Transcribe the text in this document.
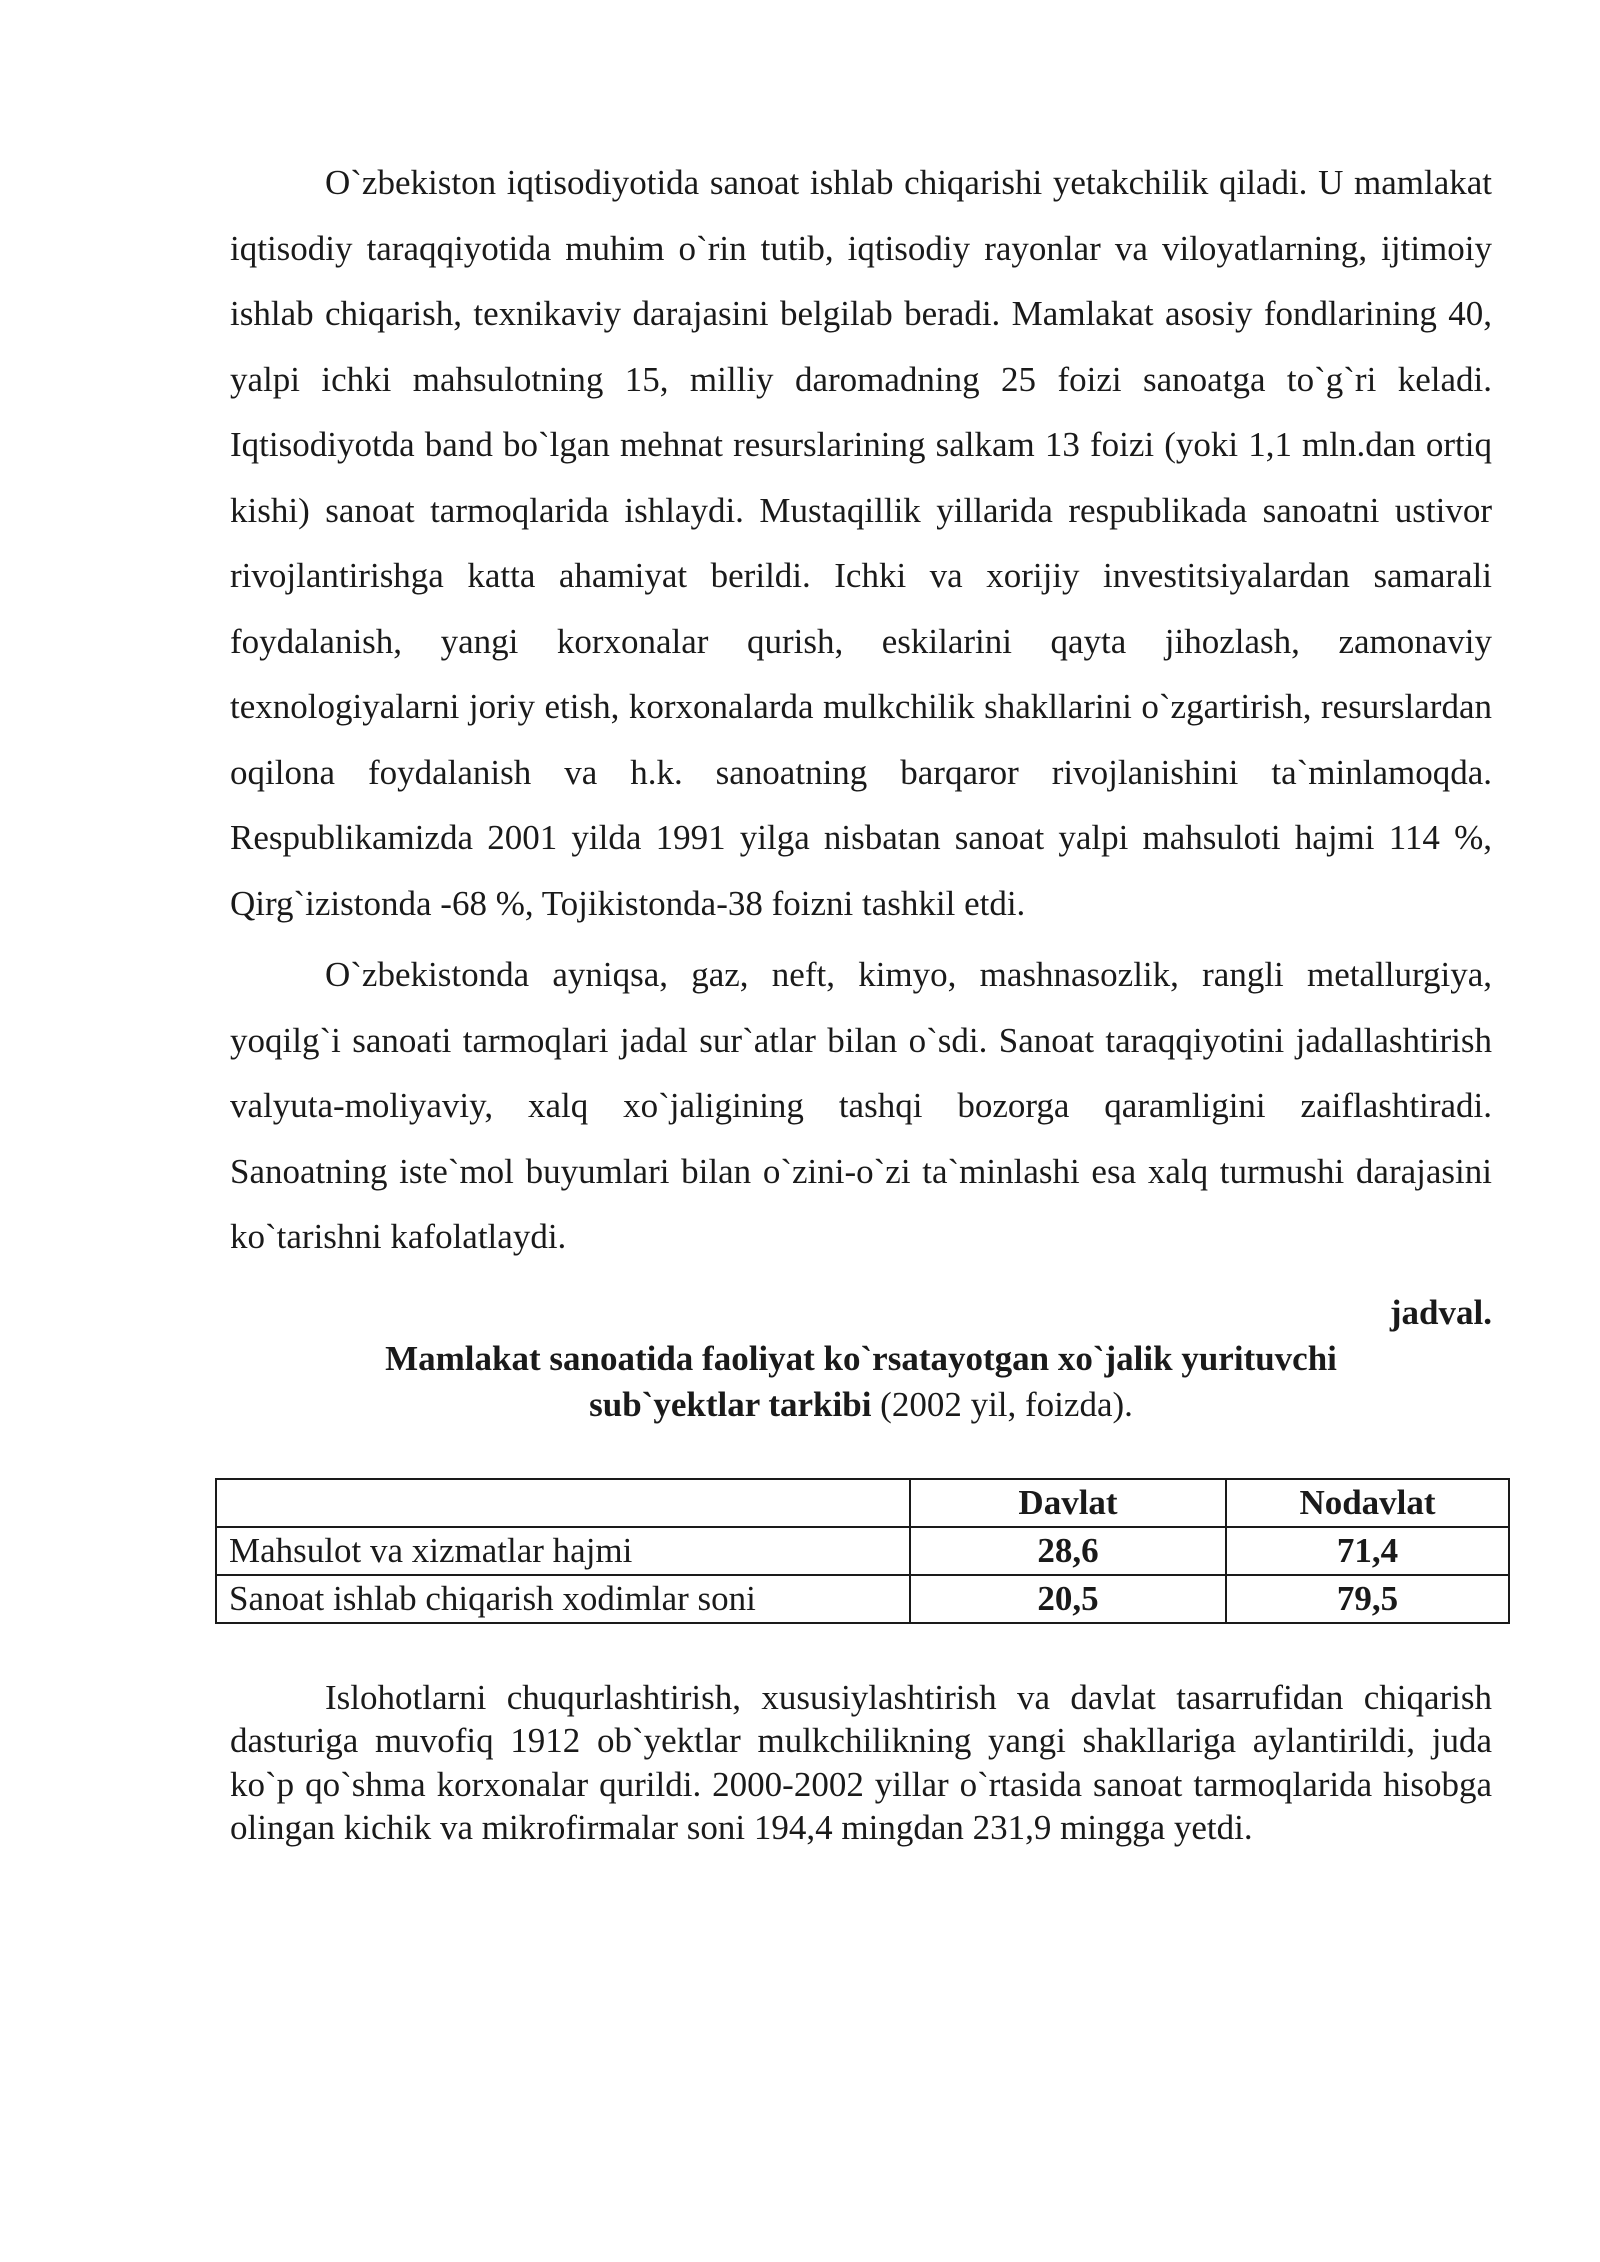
O`zbekiston iqtisodiyotida sanoat ishlab chiqarishi yetakchilik qiladi. U mamlakat iqtisodiy taraqqiyotida muhim o`rin tutib, iqtisodiy rayonlar va viloyatlarning, ijtimoiy ishlab chiqarish, texnikaviy darajasini belgilab beradi. Mamlakat asosiy fondlarining 40, yalpi ichki mahsulotning 15, milliy daromadning 25 foizi sanoatga to`g`ri keladi. Iqtisodiyotda band bo`lgan mehnat resurslarining salkam 13 foizi (yoki 1,1 mln.dan ortiq kishi) sanoat tarmoqlarida ishlaydi. Mustaqillik yillarida respublikada sanoatni ustivor rivojlantirishga katta ahamiyat berildi. Ichki va xorijiy investitsiyalardan samarali foydalanish, yangi korxonalar qurish, eskilarini qayta jihozlash, zamonaviy texnologiyalarni joriy etish, korxonalarda mulkchilik shakllarini o`zgartirish, resurslardan oqilona foydalanish va h.k. sanoatning barqaror rivojlanishini ta`minlamoqda. Respublikamizda 2001 yilda 1991 yilga nisbatan sanoat yalpi mahsuloti hajmi 114 %, Qirg`izistonda -68 %, Tojikistonda-38 foizni tashkil etdi.

O`zbekistonda ayniqsa, gaz, neft, kimyo, mashnasozlik, rangli metallurgiya, yoqilg`i sanoati tarmoqlari jadal sur`atlar bilan o`sdi. Sanoat taraqqiyotini jadallashtirish valyuta-moliyaviy, xalq xo`jaligining tashqi bozorga qaramligini zaiflashtiradi. Sanoatning iste`mol buyumlari bilan o`zini-o`zi ta`minlashi esa xalq turmushi darajasini ko`tarishni kafolatlaydi.

jadval.

Mamlakat sanoatida faoliyat ko`rsatayotgan xo`jalik yurituvchi
sub`yektlar tarkibi (2002 yil, foizda).

	Davlat	Nodavlat
Mahsulot va xizmatlar hajmi	28,6	71,4
Sanoat ishlab chiqarish xodimlar soni	20,5	79,5

Islohotlarni chuqurlashtirish, xususiylashtirish va davlat tasarrufidan chiqarish dasturiga muvofiq 1912 ob`yektlar mulkchilikning yangi shakllariga aylantirildi, juda ko`p qo`shma korxonalar qurildi. 2000-2002 yillar o`rtasida sanoat tarmoqlarida hisobga olingan kichik va mikrofirmalar soni 194,4 mingdan 231,9 mingga yetdi.
